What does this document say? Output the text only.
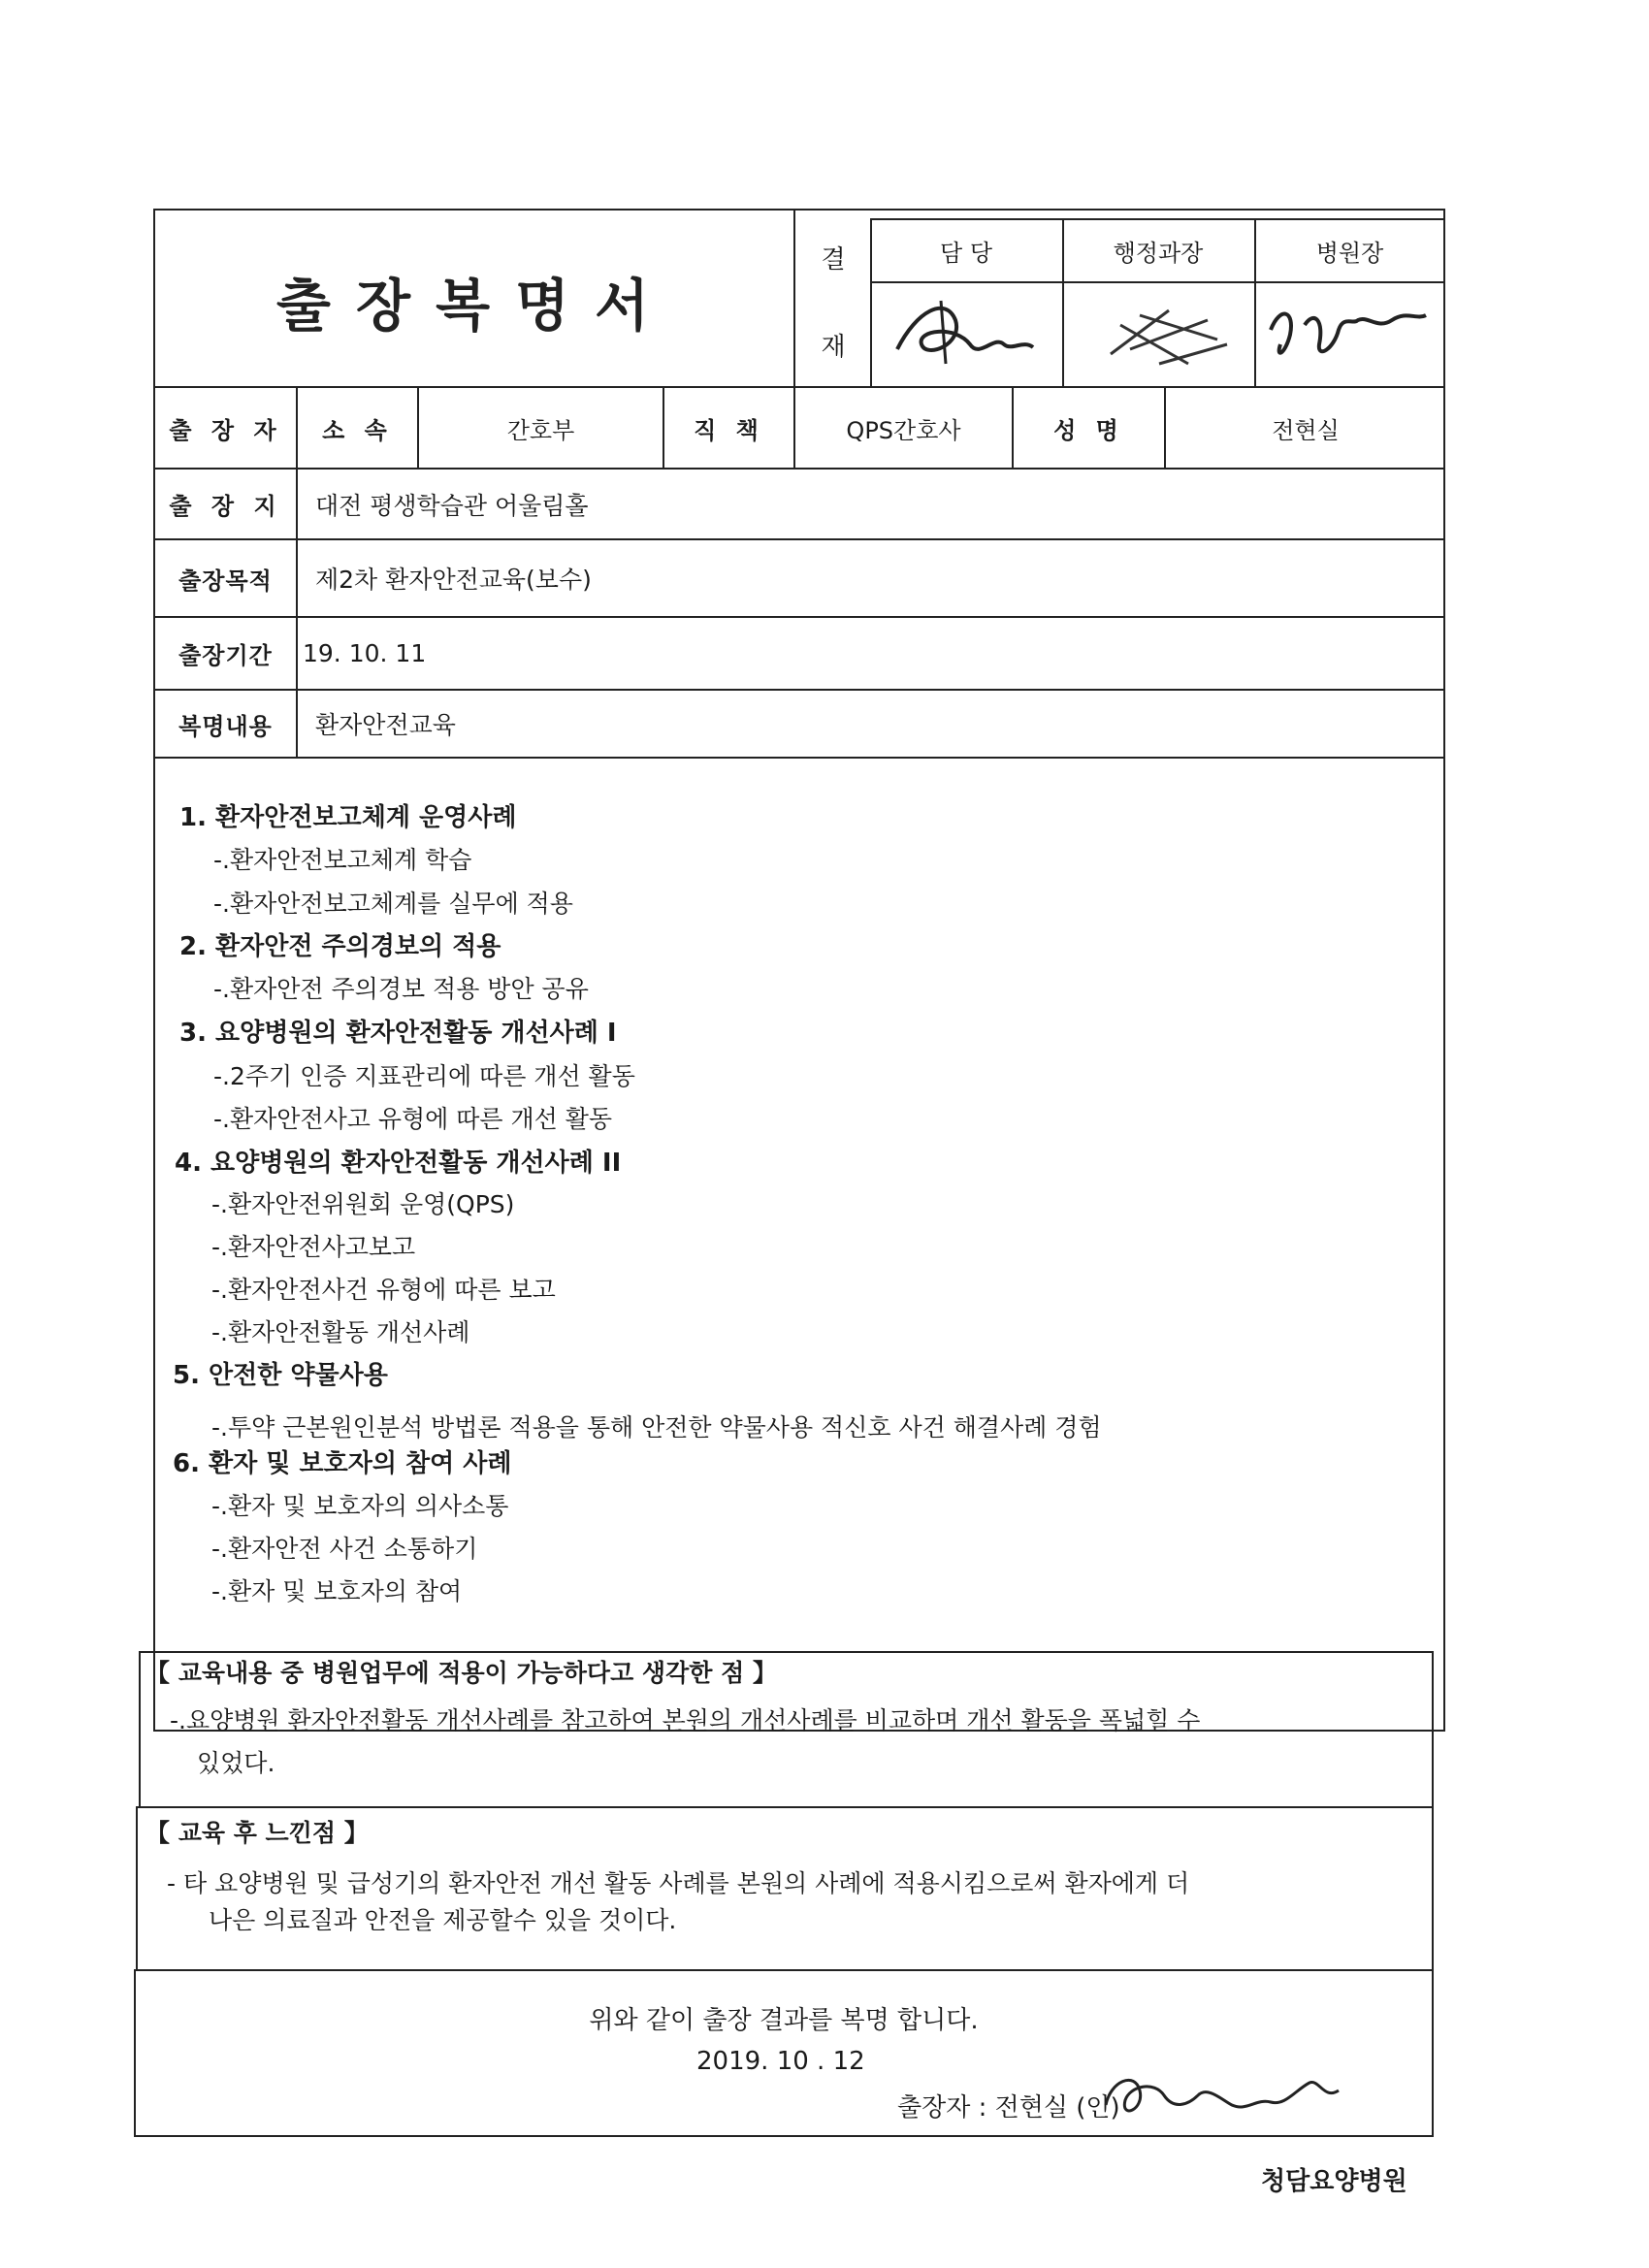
출장복명서
결
재
담 당	행정과장	병원장
출 장 자	소 속	간호부	직 책	QPS간호사	성 명	전현실
출 장 지	대전 평생학습관 어울림홀
출장목적	제2차 환자안전교육(보수)
출장기간	19. 10. 11
복명내용	환자안전교육
1. 환자안전보고체계 운영사례
-.환자안전보고체계 학습
-.환자안전보고체계를 실무에 적용
2. 환자안전 주의경보의 적용
-.환자안전 주의경보 적용 방안 공유
3. 요양병원의 환자안전활동 개선사례 I
-.2주기 인증 지표관리에 따른 개선 활동
-.환자안전사고 유형에 따른 개선 활동
4. 요양병원의 환자안전활동 개선사례 II
-.환자안전위원회 운영(QPS)
-.환자안전사고보고
-.환자안전사건 유형에 따른 보고
-.환자안전활동 개선사례
5. 안전한 약물사용
-.투약 근본원인분석 방법론 적용을 통해 안전한 약물사용 적신호 사건 해결사례 경험
6. 환자 및 보호자의 참여 사례
-.환자 및 보호자의 의사소통
-.환자안전 사건 소통하기
-.환자 및 보호자의 참여
【 교육내용 중 병원업무에 적용이 가능하다고 생각한 점 】
-.요양병원 환자안전활동 개선사례를 참고하여 본원의 개선사례를 비교하며 개선 활동을 폭넓힐 수
있었다.
【 교육 후 느낀점 】
- 타 요양병원 및 급성기의 환자안전 개선 활동 사례를 본원의 사례에 적용시킴으로써 환자에게 더
나은 의료질과 안전을 제공할수 있을 것이다.
위와 같이 출장 결과를 복명 합니다.
2019. 10 . 12
출장자 : 전현실 (인)
청담요양병원
